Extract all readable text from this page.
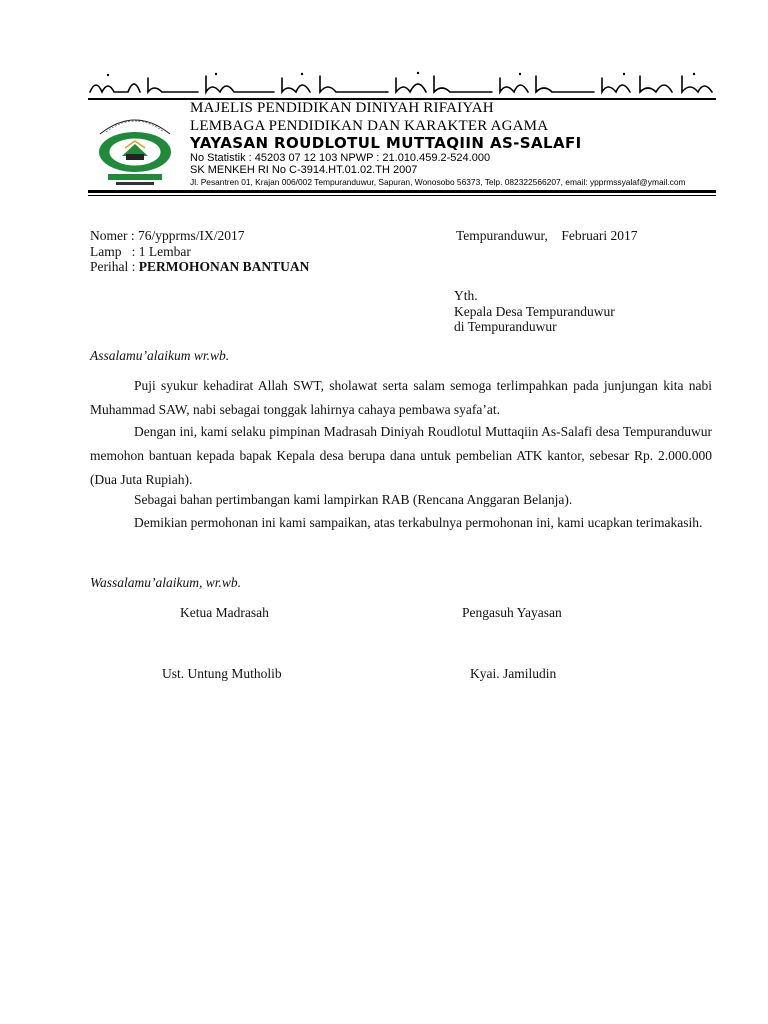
MAJELIS PENDIDIKAN DINIYAH RIFAIYAH
LEMBAGA PENDIDIKAN DAN KARAKTER AGAMA
YAYASAN ROUDLOTUL MUTTAQIIN AS-SALAFI
No Statistik : 45203 07 12 103 NPWP : 21.010.459.2-524.000
SK MENKEH RI No C-3914.HT.01.02.TH 2007
Jl. Pesantren 01, Krajan 006/002 Tempuranduwur, Sapuran, Wonosobo 56373, Telp. 082322566207, email: ypprmssyalaf@ymail.com
Nomer : 76/ypprms/IX/2017
Lamp   : 1 Lembar
Perihal : PERMOHONAN BANTUAN
Tempuranduwur,    Februari 2017
Yth.
Kepala Desa Tempuranduwur
di Tempuranduwur
Assalamu’alaikum wr.wb.
Puji syukur kehadirat Allah SWT, sholawat serta salam semoga terlimpahkan pada junjungan kita nabi Muhammad SAW, nabi sebagai tonggak lahirnya cahaya pembawa syafa’at.
Dengan ini, kami selaku pimpinan Madrasah Diniyah Roudlotul Muttaqiin As-Salafi desa Tempuranduwur memohon bantuan kepada bapak Kepala desa berupa dana untuk pembelian ATK kantor, sebesar Rp. 2.000.000 (Dua Juta Rupiah).
Sebagai bahan pertimbangan kami lampirkan RAB (Rencana Anggaran Belanja).
Demikian permohonan ini kami sampaikan, atas terkabulnya permohonan ini, kami ucapkan terimakasih.
Wassalamu’alaikum, wr.wb.
Ketua Madrasah
Ust. Untung Mutholib
Pengasuh Yayasan
Kyai. Jamiludin
